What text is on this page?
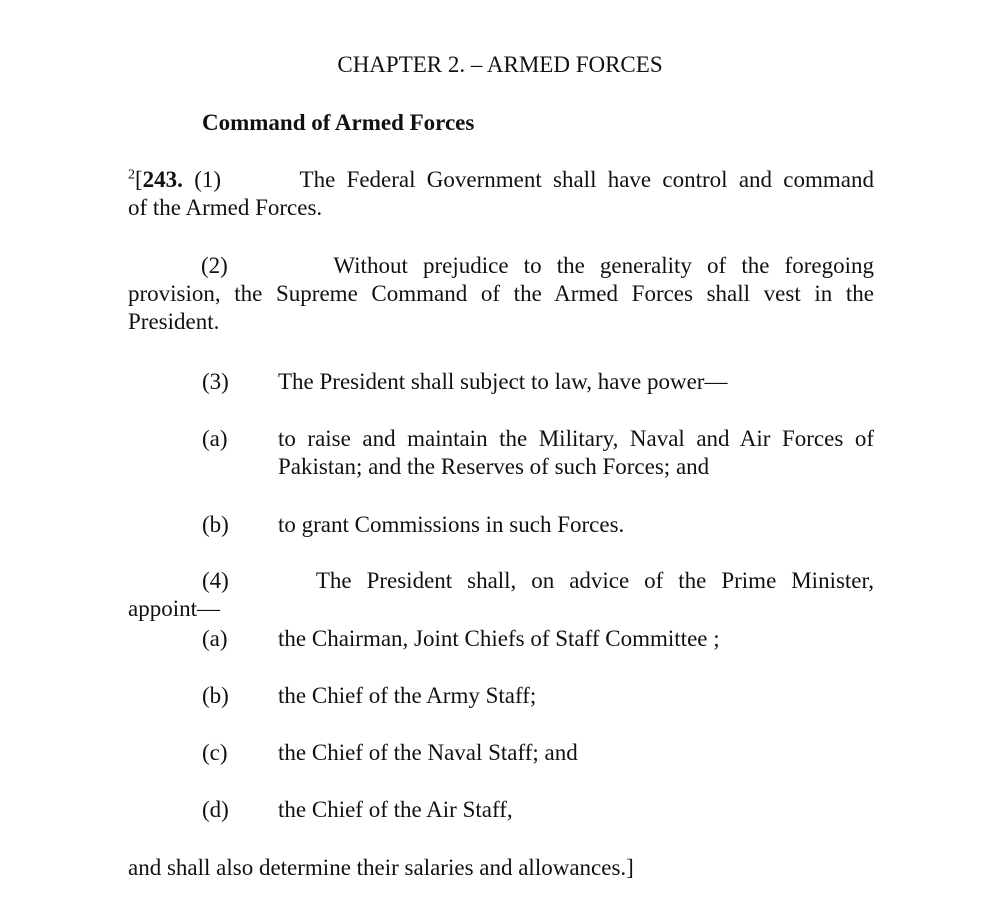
CHAPTER 2. – ARMED FORCES
Command of Armed Forces
$^2$[243. (1)	The Federal Government shall have control and command
of the Armed Forces.
(2)	Without prejudice to the generality of the foregoing
provision, the Supreme Command of the Armed Forces shall vest in the
President.
(3) The President shall subject to law, have power—
(a) to raise and maintain the Military, Naval and Air Forces of
Pakistan; and the Reserves of such Forces; and
(b) to grant Commissions in such Forces.
(4)	The President shall, on advice of the Prime Minister,
appoint—
(a) the Chairman, Joint Chiefs of Staff Committee ;
(b) the Chief of the Army Staff;
(c) the Chief of the Naval Staff; and
(d) the Chief of the Air Staff,
and shall also determine their salaries and allowances.]
